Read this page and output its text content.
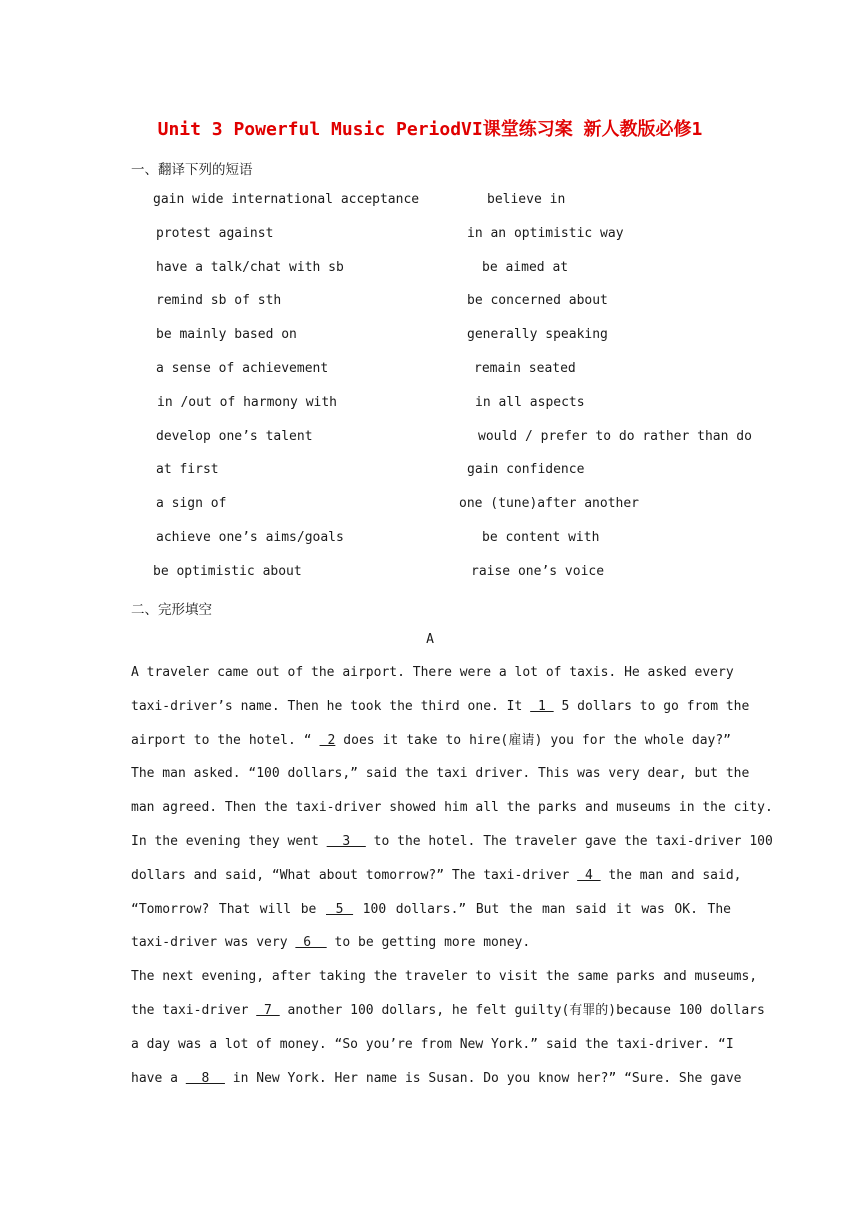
Unit 3 Powerful Music PeriodVI课堂练习案 新人教版必修1
一、翻译下列的短语
gain wide international acceptance	believe in
protest against	in an optimistic way
have a talk/chat with sb	be aimed at
remind sb of sth	be concerned about
be mainly based on	generally speaking
a sense of achievement	remain seated
in /out of harmony with	in all aspects
develop one’s talent	would / prefer to do rather than do
at first	gain confidence
a sign of	one (tune)after another
achieve one’s aims/goals	be content with
be optimistic about	raise one’s voice
二、完形填空
A
A traveler came out of the airport. There were a lot of taxis. He asked every
taxi-driver’s name. Then he took the third one. It  1  5 dollars to go from the
airport to the hotel. “  2 does it take to hire(雇请) you for the whole day?”
The man asked. “100 dollars,” said the taxi driver. This was very dear, but the
man agreed. Then the taxi-driver showed him all the parks and museums in the city.
In the evening they went   3   to the hotel. The traveler gave the taxi-driver 100
dollars and said, “What about tomorrow?” The taxi-driver  4  the man and said,
“Tomorrow? That will be  5  100 dollars.” But the man said it was OK. The
taxi-driver was very  6   to be getting more money.
The next evening, after taking the traveler to visit the same parks and museums,
the taxi-driver  7  another 100 dollars, he felt guilty(有罪的)because 100 dollars
a day was a lot of money. “So you’re from New York.” said the taxi-driver. “I
have a   8   in New York. Her name is Susan. Do you know her?” “Sure. She gave
